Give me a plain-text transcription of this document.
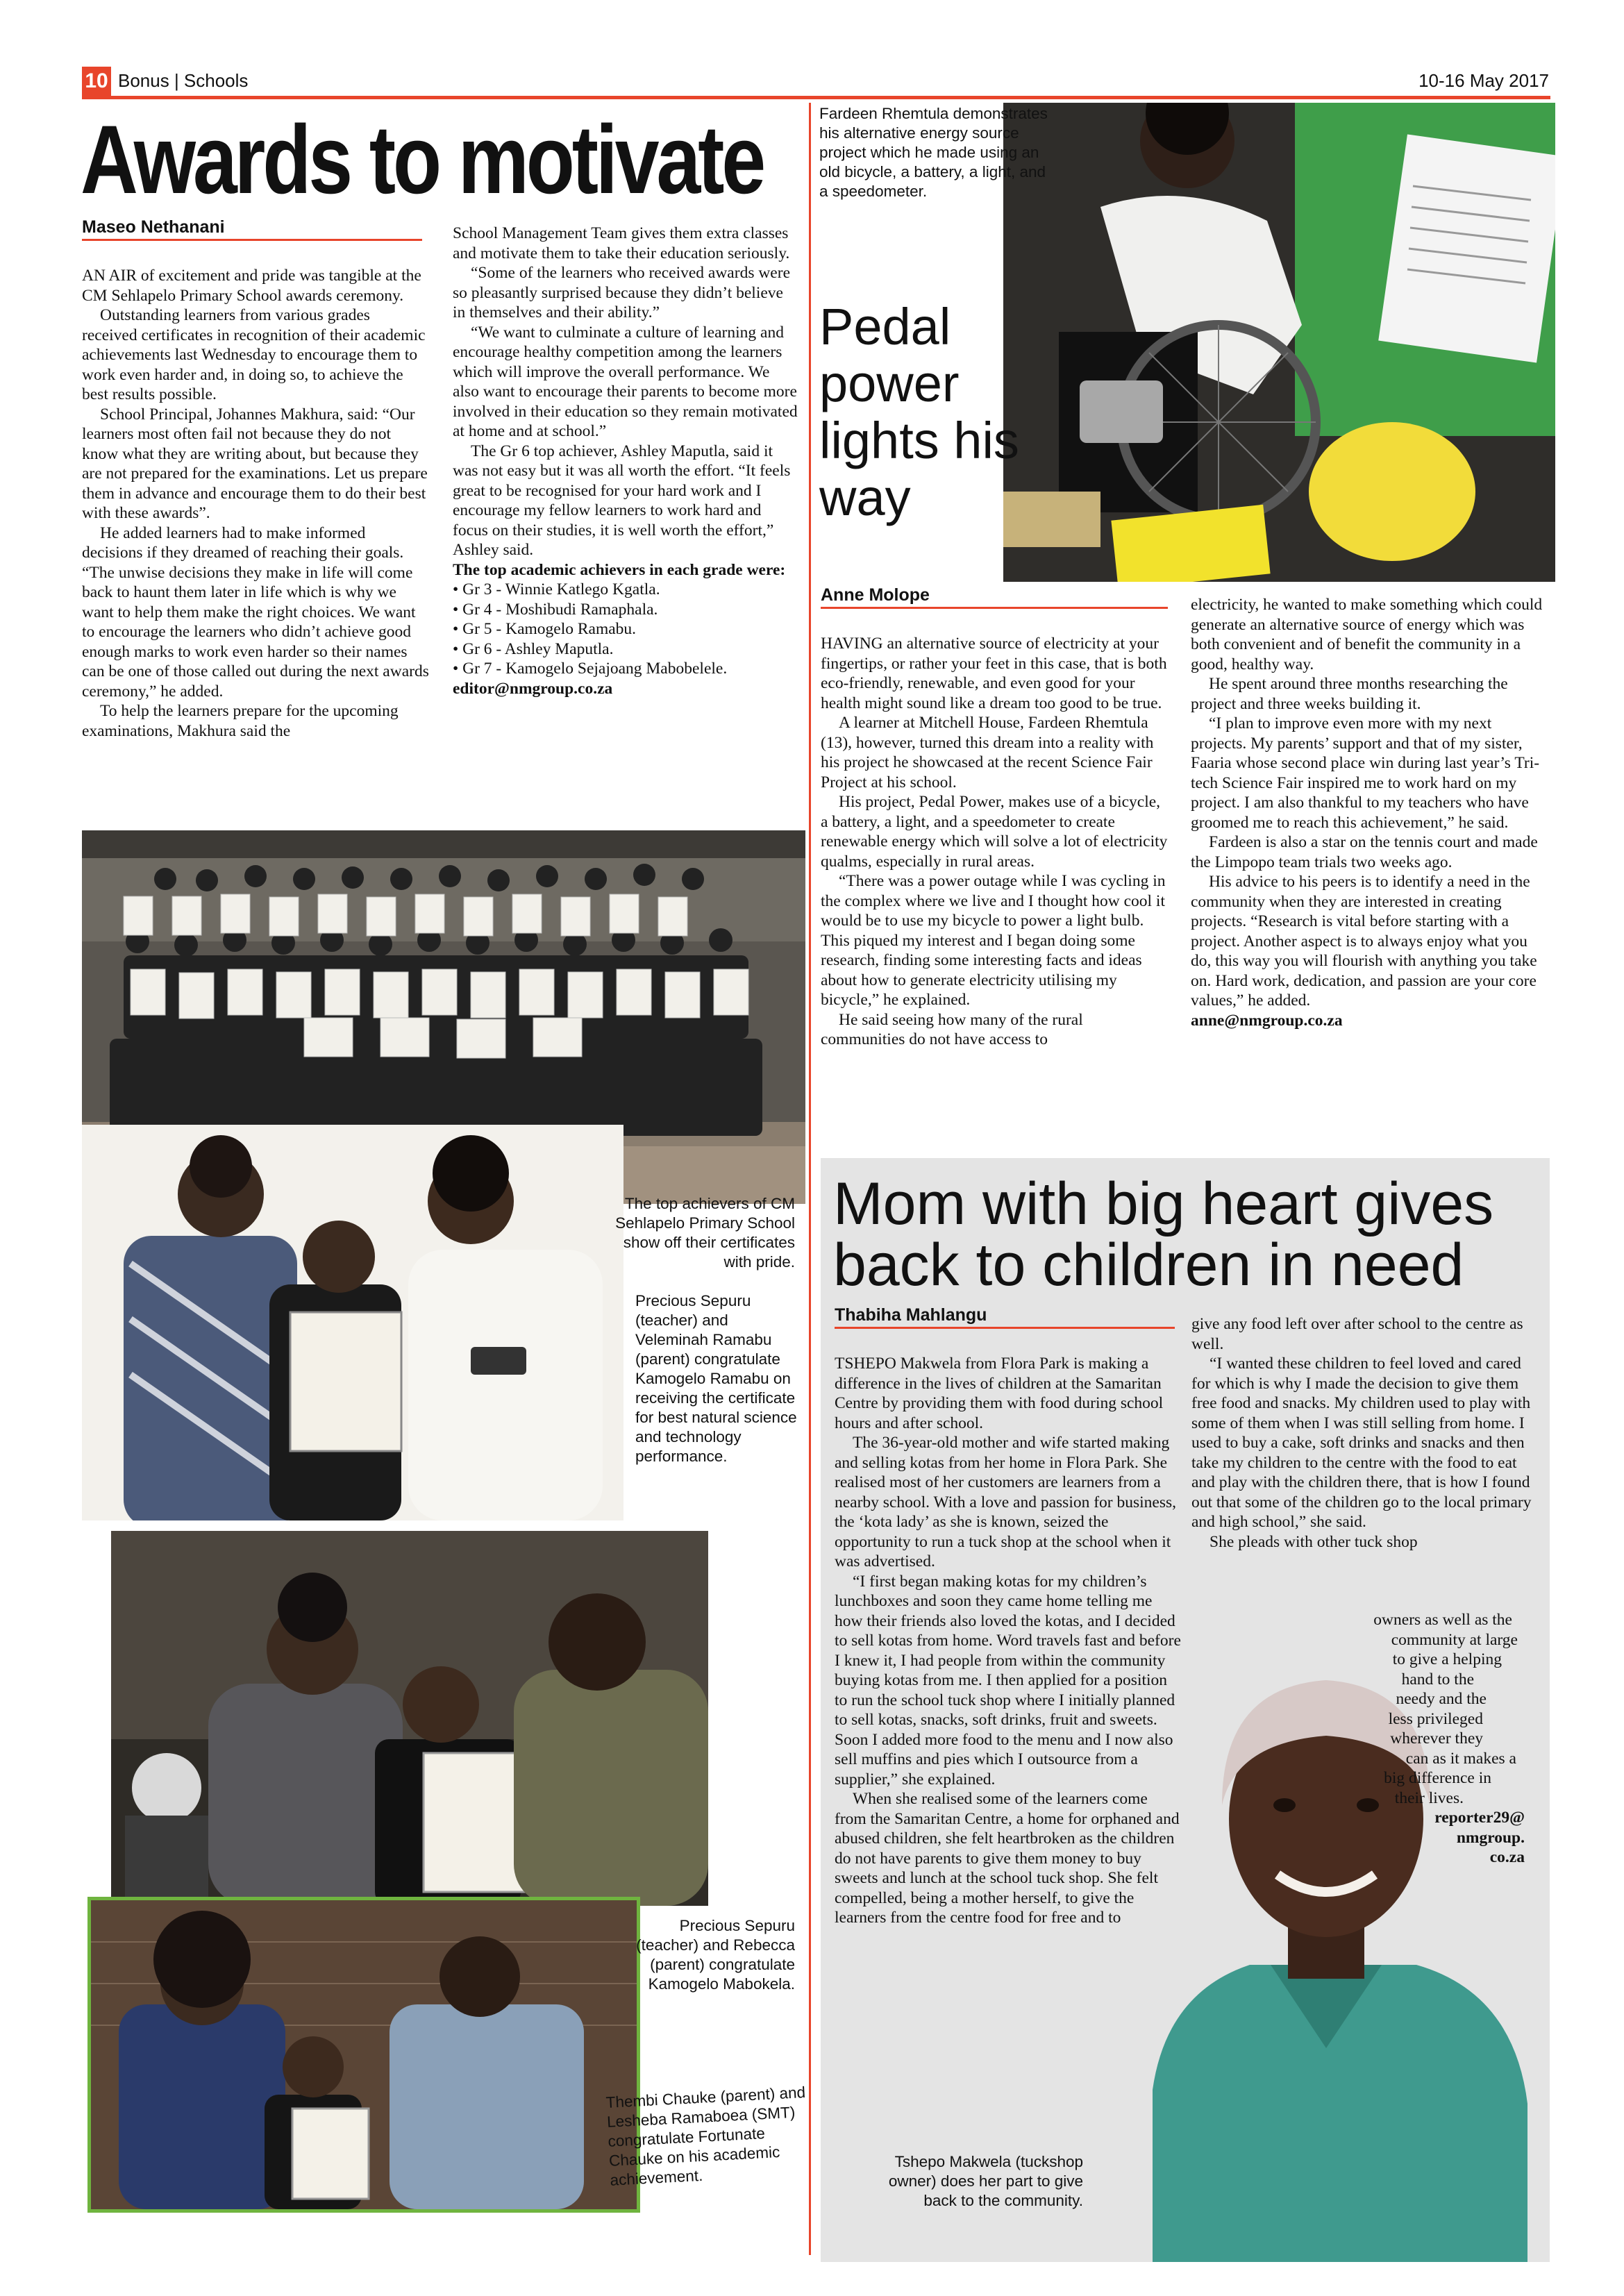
10 Bonus | Schools	10-16 May 2017
Awards to motivate
Maseo Nethanani

AN AIR of excitement and pride was tangible at the CM Sehlapelo Primary School awards ceremony.

Outstanding learners from various grades received certificates in recognition of their academic achievements last Wednesday to encourage them to work even harder and, in doing so, to achieve the best results possible.

School Principal, Johannes Makhura, said: “Our learners most often fail not because they do not know what they are writing about, but because they are not prepared for the examinations. Let us prepare them in advance and encourage them to do their best with these awards”.

He added learners had to make informed decisions if they dreamed of reaching their goals. “The unwise decisions they make in life will come back to haunt them later in life which is why we want to help them make the right choices. We want to encourage the learners who didn’t achieve good enough marks to work even harder so their names can be one of those called out during the next awards ceremony,” he added.

To help the learners prepare for the upcoming examinations, Makhura said the

School Management Team gives them extra classes and motivate them to take their education seriously.

“Some of the learners who received awards were so pleasantly surprised because they didn’t believe in themselves and their ability.”

“We want to culminate a culture of learning and encourage healthy competition among the learners which will improve the overall performance. We also want to encourage their parents to become more involved in their education so they remain motivated at home and at school.”

The Gr 6 top achiever, Ashley Maputla, said it was not easy but it was all worth the effort. “It feels great to be recognised for your hard work and I encourage my fellow learners to work hard and focus on their studies, it is well worth the effort,” Ashley said.

The top academic achievers in each grade were:

• Gr 3 - Winnie Katlego Kgatla.
• Gr 4 - Moshibudi Ramaphala.
• Gr 5 - Kamogelo Ramabu.
• Gr 6 - Ashley Maputla.
• Gr 7 - Kamogelo Sejajoang Mabobelele.

editor@nmgroup.co.za

The top achievers of CM Sehlapelo Primary School show off their certificates with pride.
Precious Sepuru (teacher) and Veleminah Ramabu (parent) congratulate Kamogelo Ramabu on receiving the certificate for best natural science and technology performance.
Precious Sepuru (teacher) and Rebecca (parent) congratulate Kamogelo Mabokela.
Thembi Chauke (parent) and Lesheba Ramaboea (SMT) congratulate Fortunate Chauke on his academic achievement.
Fardeen Rhemtula demonstrates his alternative energy source project which he made using an old bicycle, a battery, a light, and a speedometer.
Pedal power lights his way
Anne Molope

HAVING an alternative source of electricity at your fingertips, or rather your feet in this case, that is both eco-friendly, renewable, and even good for your health might sound like a dream too good to be true.

A learner at Mitchell House, Fardeen Rhemtula (13), however, turned this dream into a reality with his project he showcased at the recent Science Fair Project at his school.

His project, Pedal Power, makes use of a bicycle, a battery, a light, and a speedometer to create renewable energy which will solve a lot of electricity qualms, especially in rural areas.

“There was a power outage while I was cycling in the complex where we live and I thought how cool it would be to use my bicycle to power a light bulb. This piqued my interest and I began doing some research, finding some interesting facts and ideas about how to generate electricity utilising my bicycle,” he explained.

He said seeing how many of the rural communities do not have access to

electricity, he wanted to make something which could generate an alternative source of energy which was both convenient and of benefit the community in a good, healthy way.

He spent around three months researching the project and three weeks building it.

“I plan to improve even more with my next projects. My parents’ support and that of my sister, Faaria whose second place win during last year’s Tri-tech Science Fair inspired me to work hard on my project. I am also thankful to my teachers who have groomed me to reach this achievement,” he said.

Fardeen is also a star on the tennis court and made the Limpopo team trials two weeks ago.

His advice to his peers is to identify a need in the community when they are interested in creating projects. “Research is vital before starting with a project. Another aspect is to always enjoy what you do, this way you will flourish with anything you take on. Hard work, dedication, and passion are your core values,” he added.

anne@nmgroup.co.za

Mom with big heart gives back to children in need
Thabiha Mahlangu

TSHEPO Makwela from Flora Park is making a difference in the lives of children at the Samaritan Centre by providing them with food during school hours and after school.

The 36-year-old mother and wife started making and selling kotas from her home in Flora Park. She realised most of her customers are learners from a nearby school. With a love and passion for business, the ‘kota lady’ as she is known, seized the opportunity to run a tuck shop at the school when it was advertised.

“I first began making kotas for my children’s lunchboxes and soon they came home telling me how their friends also loved the kotas, and I decided to sell kotas from home. Word travels fast and before I knew it, I had people from within the community buying kotas from me. I then applied for a position to run the school tuck shop where I initially planned to sell kotas, snacks, soft drinks, fruit and sweets. Soon I added more food to the menu and I now also sell muffins and pies which I outsource from a supplier,” she explained.

When she realised some of the learners come from the Samaritan Centre, a home for orphaned and abused children, she felt heartbroken as the children do not have parents to give them money to buy sweets and lunch at the school tuck shop. She felt compelled, being a mother herself, to give the learners from the centre food for free and to

give any food left over after school to the centre as well.

“I wanted these children to feel loved and cared for which is why I made the decision to give them free food and snacks. My children used to play with some of them when I was still selling from home. I used to buy a cake, soft drinks and snacks and then take my children to the centre with the food to eat and play with the children there, that is how I found out that some of the children go to the local primary and high school,” she said.

She pleads with other tuck shop

owners as well as the
community at large
to give a helping
hand to the
needy and the
less privileged
wherever they
can as it makes a
big difference in
their lives.
reporter29@
nmgroup.
co.za
Tshepo Makwela (tuckshop owner) does her part to give back to the community.
